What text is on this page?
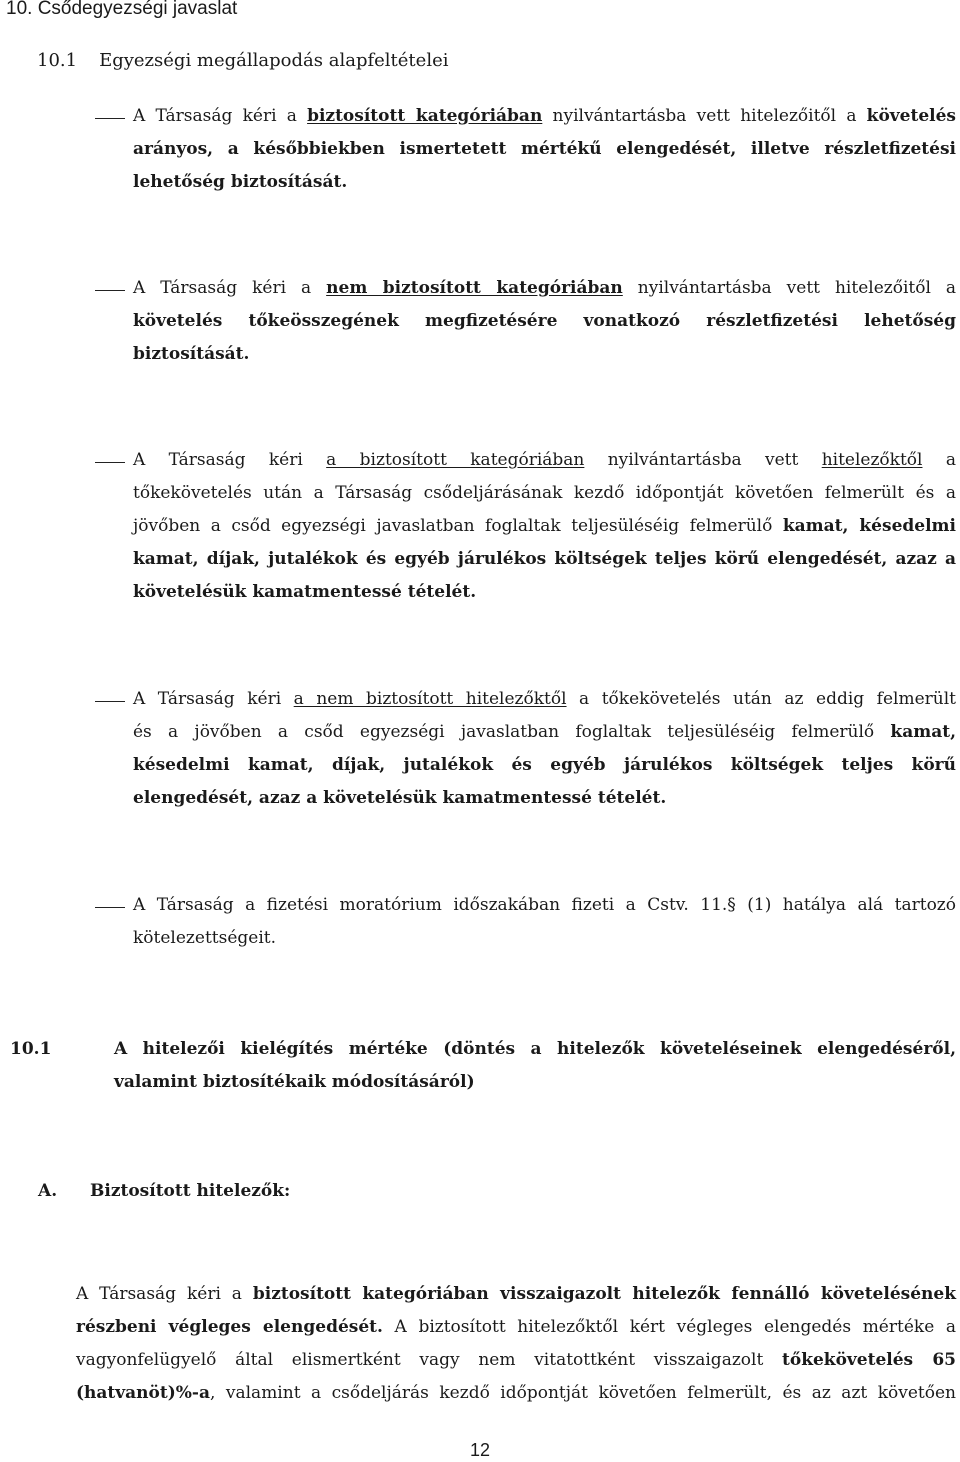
10. Csődegyezségi javaslat
10.1 Egyezségi megállapodás alapfeltételei
A Társaság kéri a biztosított kategóriában nyilvántartásba vett hitelezőitől a követelés
arányos, a későbbiekben ismertetett mértékű elengedését, illetve részletfizetési
lehetőség biztosítását.
A Társaság kéri a nem biztosított kategóriában nyilvántartásba vett hitelezőitől a
követelés tőkeösszegének megfizetésére vonatkozó részletfizetési lehetőség
biztosítását.
A Társaság kéri a biztosított kategóriában nyilvántartásba vett hitelezőktől a
tőkekövetelés után a Társaság csődeljárásának kezdő időpontját követően felmerült és a
jövőben a csőd egyezségi javaslatban foglaltak teljesüléséig felmerülő kamat, késedelmi
kamat, díjak, jutalékok és egyéb járulékos költségek teljes körű elengedését, azaz a
követelésük kamatmentessé tételét.
A Társaság kéri a nem biztosított hitelezőktől a tőkekövetelés után az eddig felmerült
és a jövőben a csőd egyezségi javaslatban foglaltak teljesüléséig felmerülő kamat,
késedelmi kamat, díjak, jutalékok és egyéb járulékos költségek teljes körű
elengedését, azaz a követelésük kamatmentessé tételét.
A Társaság a fizetési moratórium időszakában fizeti a Cstv. 11.§ (1) hatálya alá tartozó
kötelezettségeit.
10.1	A hitelezői kielégítés mértéke (döntés a hitelezők követeléseinek elengedéséről,
valamint biztosítékaik módosításáról)
A. Biztosított hitelezők:
A Társaság kéri a biztosított kategóriában visszaigazolt hitelezők fennálló követelésének
részbeni végleges elengedését. A biztosított hitelezőktől kért végleges elengedés mértéke a
vagyonfelügyelő által elismertként vagy nem vitatottként visszaigazolt tőkekövetelés 65
(hatvanöt)%-a, valamint a csődeljárás kezdő időpontját követően felmerült, és az azt követően
12
